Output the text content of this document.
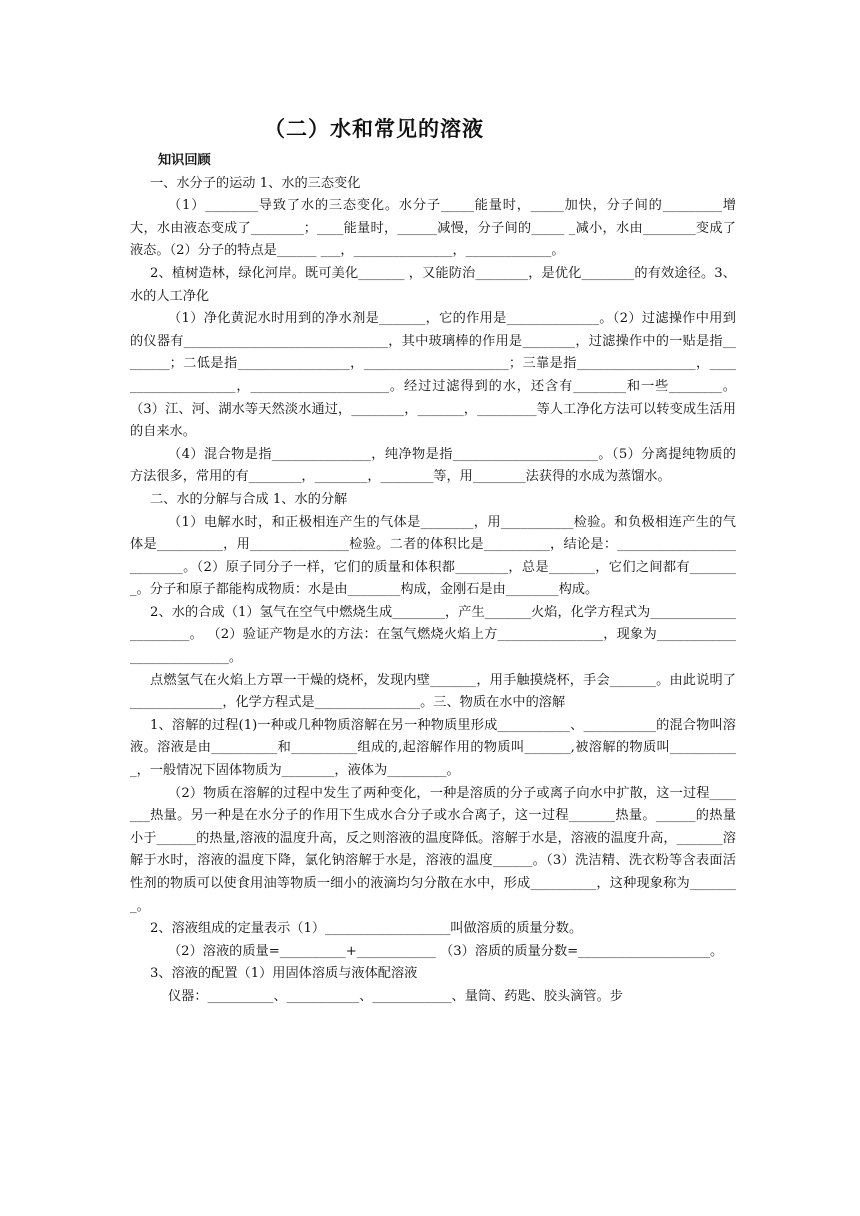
（二）水和常见的溶液

知识回顾

一、水分子的运动 1、水的三态变化

（1）________导致了水的三态变化。水分子_____能量时，_____加快，分子间的_________增大，水由液态变成了________；____能量时，______减慢，分子间的_____ _减小，水由________变成了液态。（2）分子的特点是______ ___，_______________，_____________。

2、植树造林，绿化河岸。既可美化_______ ，又能防治________，是优化________的有效途径。3、水的人工净化

（1）净化黄泥水时用到的净水剂是_______，它的作用是______________。（2）过滤操作中用到的仪器有_______________________________，其中玻璃棒的作用是________，过滤操作中的一贴是指________；二低是指_________________，______________________；三靠是指__________________，____________________，_____________________。经过过滤得到的水，还含有________和一些________。（3）江、河、湖水等天然淡水通过，________，_______，_________等人工净化方法可以转变成生活用的自来水。

（4）混合物是指_______________，纯净物是指______________________。（5）分离提纯物质的方法很多，常用的有________，________，________等，用________法获得的水成为蒸馏水。

二、水的分解与合成 1、水的分解

（1）电解水时，和正极相连产生的气体是________，用___________检验。和负极相连产生的气体是__________，用_______________检验。二者的体积比是__________，结论是：__________________________。（2）原子同分子一样，它们的质量和体积都________，总是_______，它们之间都有________。分子和原子都能构成物质：水是由________构成，金刚石是由________构成。

2、水的合成（1）氢气在空气中燃烧生成________，产生_______火焰，化学方程式为______________________。 （2）验证产物是水的方法：在氢气燃烧火焰上方________________，现象为___________________________。

点燃氢气在火焰上方罩一干燥的烧杯，发现内壁_______，用手触摸烧杯，手会_______。由此说明了______________，化学方程式是________________。三、物质在水中的溶解

1、溶解的过程(1)一种或几种物质溶解在另一种物质里形成___________、___________的混合物叫溶液。溶液是由__________和__________组成的,起溶解作用的物质叫_______,被溶解的物质叫___________，一般情况下固体物质为________，液体为_________。

（2）物质在溶解的过程中发生了两种变化，一种是溶质的分子或离子向水中扩散，这一过程_______热量。另一种是在水分子的作用下生成水合分子或水合离子，这一过程_______热量。______的热量小于______的热量,溶液的温度升高，反之则溶液的温度降低。溶解于水是，溶液的温度升高，_______溶解于水时，溶液的温度下降，氯化钠溶解于水是，溶液的温度______。（3）洗洁精、洗衣粉等含表面活性剂的物质可以使食用油等物质一细小的液滴均匀分散在水中，形成__________，这种现象称为________。

2、溶液组成的定量表示（1）___________________叫做溶质的质量分数。

（2）溶液的质量=__________+____________ （3）溶质的质量分数=____________________。

3、溶液的配置（1）用固体溶质与液体配溶液

仪器：__________、___________、____________、量筒、药匙、胶头滴管。步
